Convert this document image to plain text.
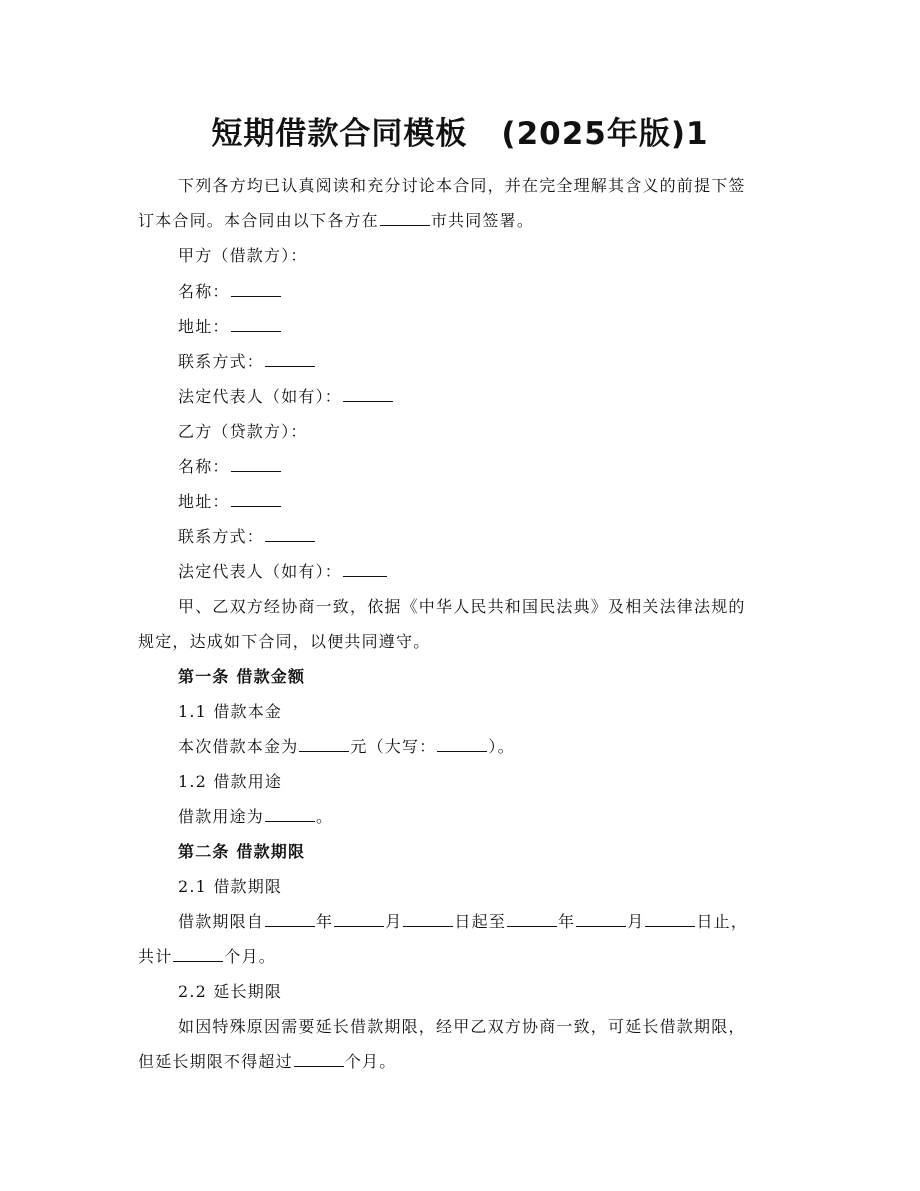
短期借款合同模板 (2025年版)1

下列各方均已认真阅读和充分讨论本合同，并在完全理解其含义的前提下签

订本合同。本合同由以下各方在	市共同签署。

甲方（借款方）：

名称：

地址：

联系方式：

法定代表人（如有）：

乙方（贷款方）：

名称：

地址：

联系方式：

法定代表人（如有）：

甲、乙双方经协商一致，依据《中华人民共和国民法典》及相关法律法规的

规定，达成如下合同，以便共同遵守。

第一条 借款金额

1.1 借款本金

本次借款本金为	元（大写：	）。

1.2 借款用途

借款用途为	。

第二条 借款期限

2.1 借款期限

借款期限自	年	月	日起至	年	月	日止，

共计	个月。

2.2 延长期限

如因特殊原因需要延长借款期限，经甲乙双方协商一致，可延长借款期限，

但延长期限不得超过	个月。
